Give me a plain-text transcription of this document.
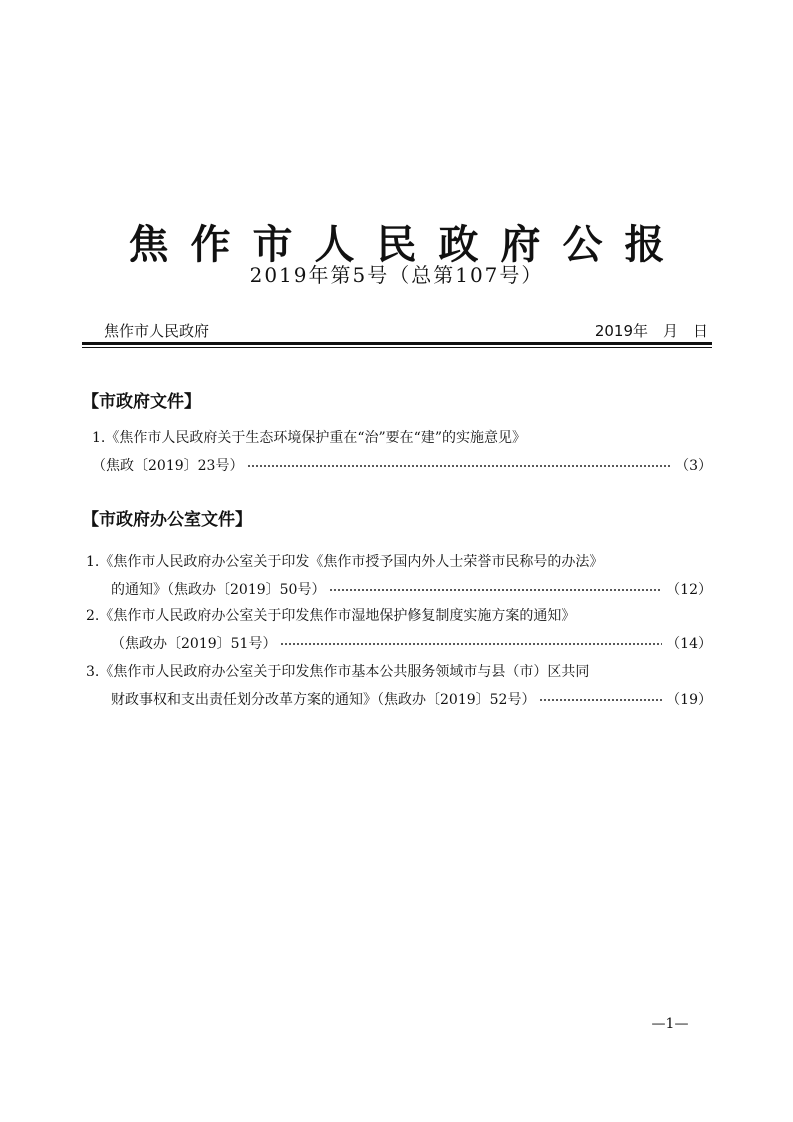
焦作市人民政府公报
2019年第5号（总第107号）
焦作市人民政府	2019年　月　日
【市政府文件】
1.《焦作市人民政府关于生态环境保护重在“治”要在“建”的实施意见》
（焦政〔2019〕23号）	（3）
【市政府办公室文件】
1.《焦作市人民政府办公室关于印发《焦作市授予国内外人士荣誉市民称号的办法》
的通知》（焦政办〔2019〕50号）	（12）
2.《焦作市人民政府办公室关于印发焦作市湿地保护修复制度实施方案的通知》
（焦政办〔2019〕51号）	（14）
3.《焦作市人民政府办公室关于印发焦作市基本公共服务领域市与县（市）区共同
财政事权和支出责任划分改革方案的通知》（焦政办〔2019〕52号）	（19）
—1—
